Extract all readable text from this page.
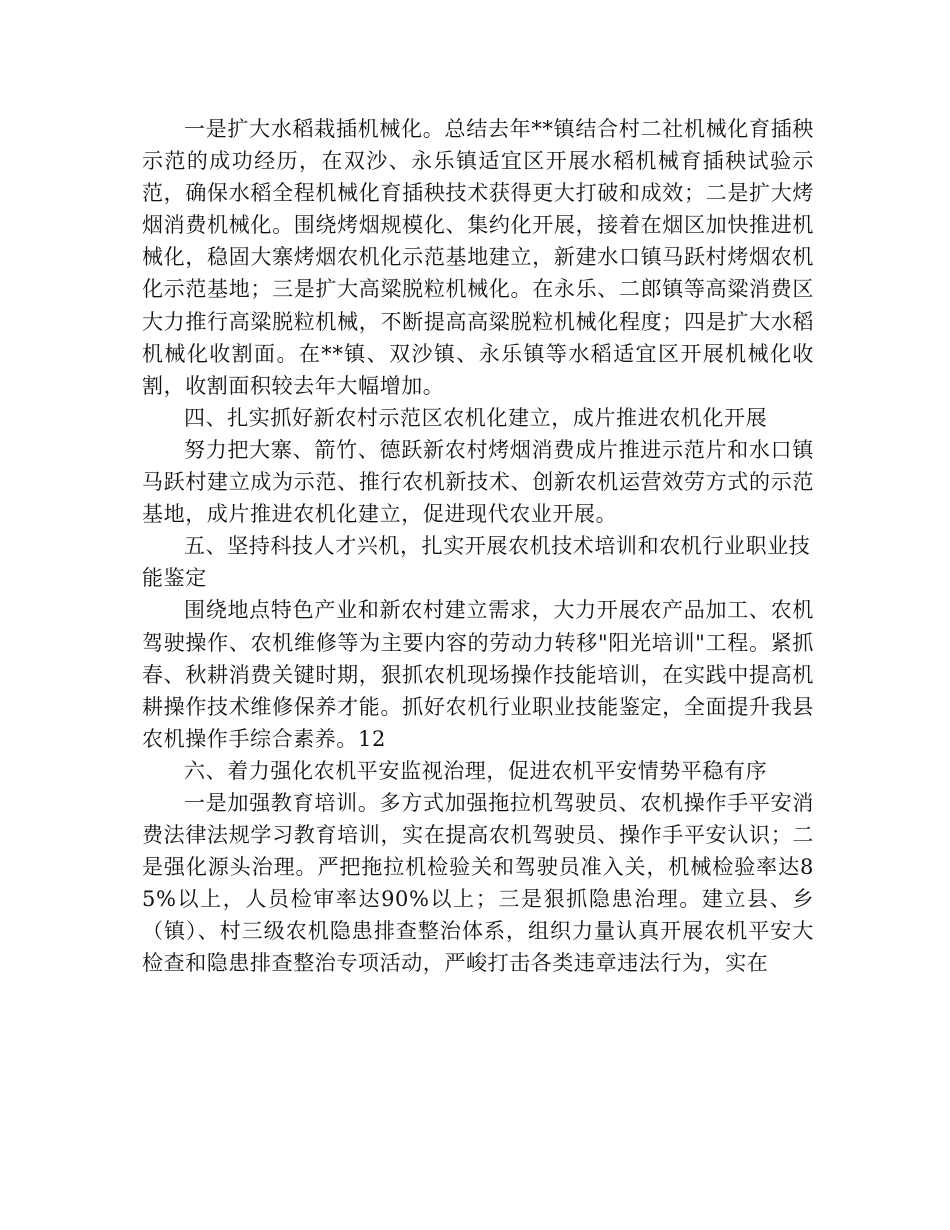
一是扩大水稻栽插机械化。总结去年**镇结合村二社机械化育插秧示范的成功经历，在双沙、永乐镇适宜区开展水稻机械育插秧试验示范，确保水稻全程机械化育插秧技术获得更大打破和成效；二是扩大烤烟消费机械化。围绕烤烟规模化、集约化开展，接着在烟区加快推进机械化，稳固大寨烤烟农机化示范基地建立，新建水口镇马跃村烤烟农机化示范基地；三是扩大高粱脱粒机械化。在永乐、二郎镇等高粱消费区大力推行高粱脱粒机械，不断提高高粱脱粒机械化程度；四是扩大水稻机械化收割面。在**镇、双沙镇、永乐镇等水稻适宜区开展机械化收割，收割面积较去年大幅增加。

四、扎实抓好新农村示范区农机化建立，成片推进农机化开展

努力把大寨、箭竹、德跃新农村烤烟消费成片推进示范片和水口镇马跃村建立成为示范、推行农机新技术、创新农机运营效劳方式的示范基地，成片推进农机化建立，促进现代农业开展。

五、坚持科技人才兴机，扎实开展农机技术培训和农机行业职业技能鉴定

围绕地点特色产业和新农村建立需求，大力开展农产品加工、农机驾驶操作、农机维修等为主要内容的劳动力转移"阳光培训"工程。紧抓春、秋耕消费关键时期，狠抓农机现场操作技能培训，在实践中提高机耕操作技术维修保养才能。抓好农机行业职业技能鉴定，全面提升我县农机操作手综合素养。12

六、着力强化农机平安监视治理，促进农机平安情势平稳有序

一是加强教育培训。多方式加强拖拉机驾驶员、农机操作手平安消费法律法规学习教育培训，实在提高农机驾驶员、操作手平安认识；二是强化源头治理。严把拖拉机检验关和驾驶员准入关，机械检验率达85%以上，人员检审率达90%以上；三是狠抓隐患治理。建立县、乡（镇）、村三级农机隐患排查整治体系，组织力量认真开展农机平安大检查和隐患排查整治专项活动，严峻打击各类违章违法行为，实在
